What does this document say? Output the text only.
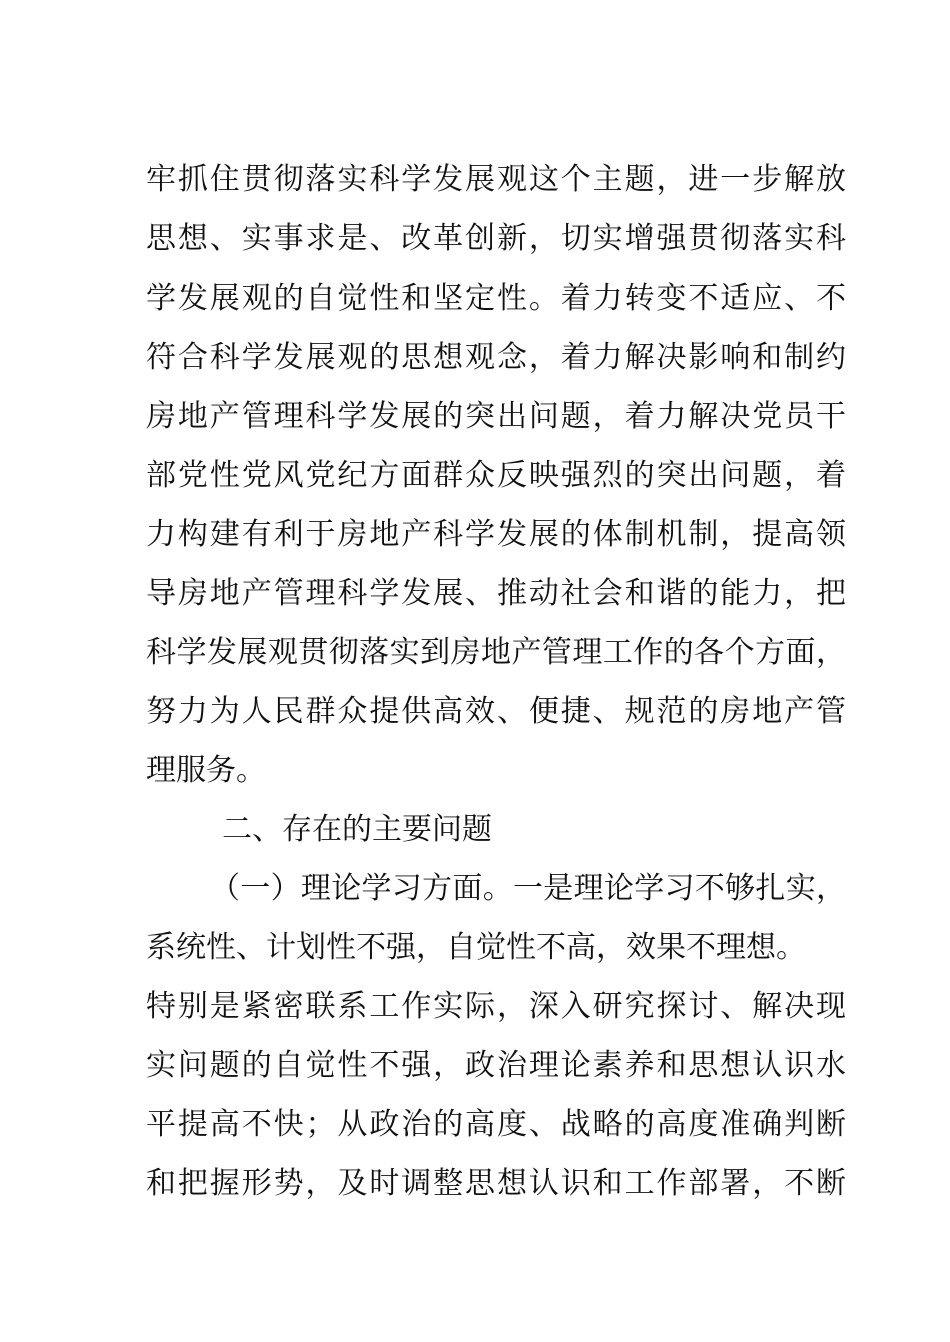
牢抓住贯彻落实科学发展观这个主题，进一步解放
思想、实事求是、改革创新，切实增强贯彻落实科
学发展观的自觉性和坚定性。着力转变不适应、不
符合科学发展观的思想观念，着力解决影响和制约
房地产管理科学发展的突出问题，着力解决党员干
部党性党风党纪方面群众反映强烈的突出问题，着
力构建有利于房地产科学发展的体制机制，提高领
导房地产管理科学发展、推动社会和谐的能力，把
科学发展观贯彻落实到房地产管理工作的各个方面，
努力为人民群众提供高效、便捷、规范的房地产管
理服务。
二、存在的主要问题
（一）理论学习方面。一是理论学习不够扎实，
系统性、计划性不强，自觉性不高，效果不理想。
特别是紧密联系工作实际，深入研究探讨、解决现
实问题的自觉性不强，政治理论素养和思想认识水
平提高不快；从政治的高度、战略的高度准确判断
和把握形势，及时调整思想认识和工作部署，不断
